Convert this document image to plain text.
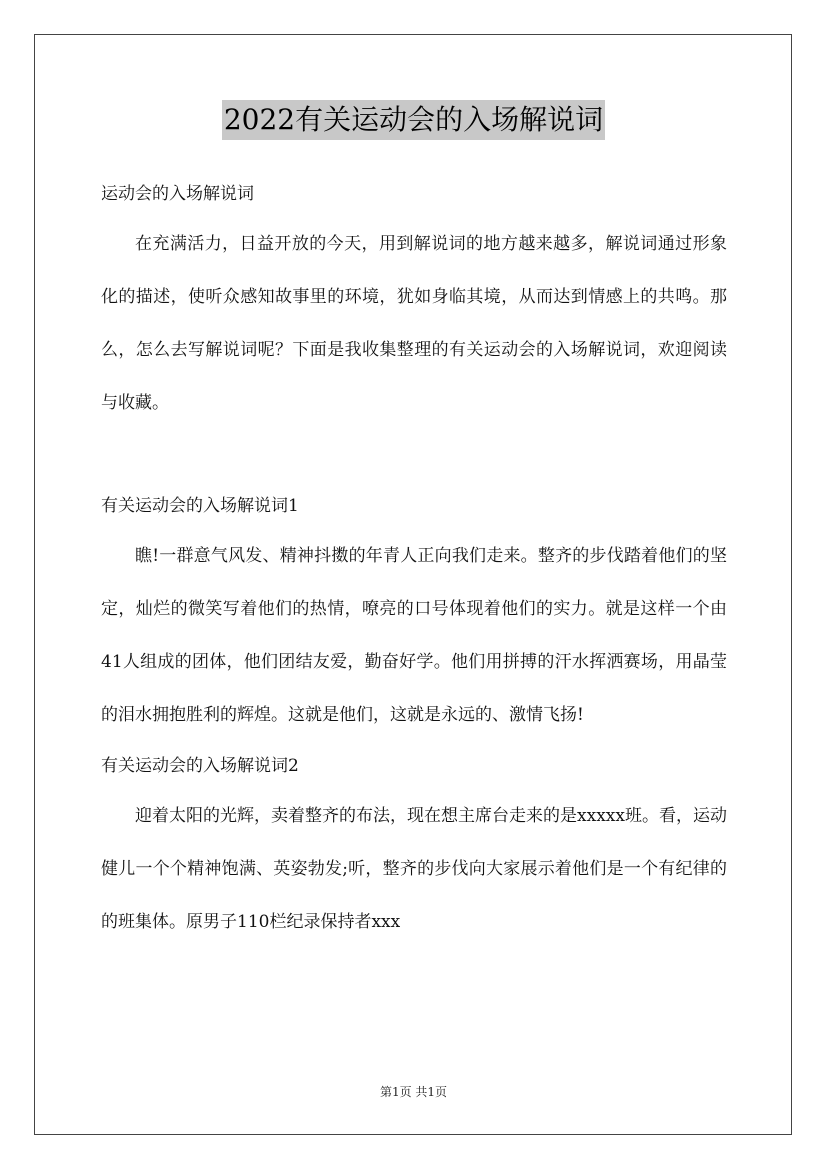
2022有关运动会的入场解说词

运动会的入场解说词

在充满活力，日益开放的今天，用到解说词的地方越来越多，解说词通过形象化的描述，使听众感知故事里的环境，犹如身临其境，从而达到情感上的共鸣。那么，怎么去写解说词呢？下面是我收集整理的有关运动会的入场解说词，欢迎阅读与收藏。

有关运动会的入场解说词1

瞧!一群意气风发、精神抖擞的年青人正向我们走来。整齐的步伐踏着他们的坚定，灿烂的微笑写着他们的热情，嘹亮的口号体现着他们的实力。就是这样一个由41人组成的团体，他们团结友爱，勤奋好学。他们用拼搏的汗水挥洒赛场，用晶莹的泪水拥抱胜利的辉煌。这就是他们，这就是永远的、激情飞扬!

有关运动会的入场解说词2

迎着太阳的光辉，卖着整齐的布法，现在想主席台走来的是xxxxx班。看，运动健儿一个个精神饱满、英姿勃发;听，整齐的步伐向大家展示着他们是一个有纪律的的班集体。原男子110栏纪录保持者xxx

第1页 共1页
